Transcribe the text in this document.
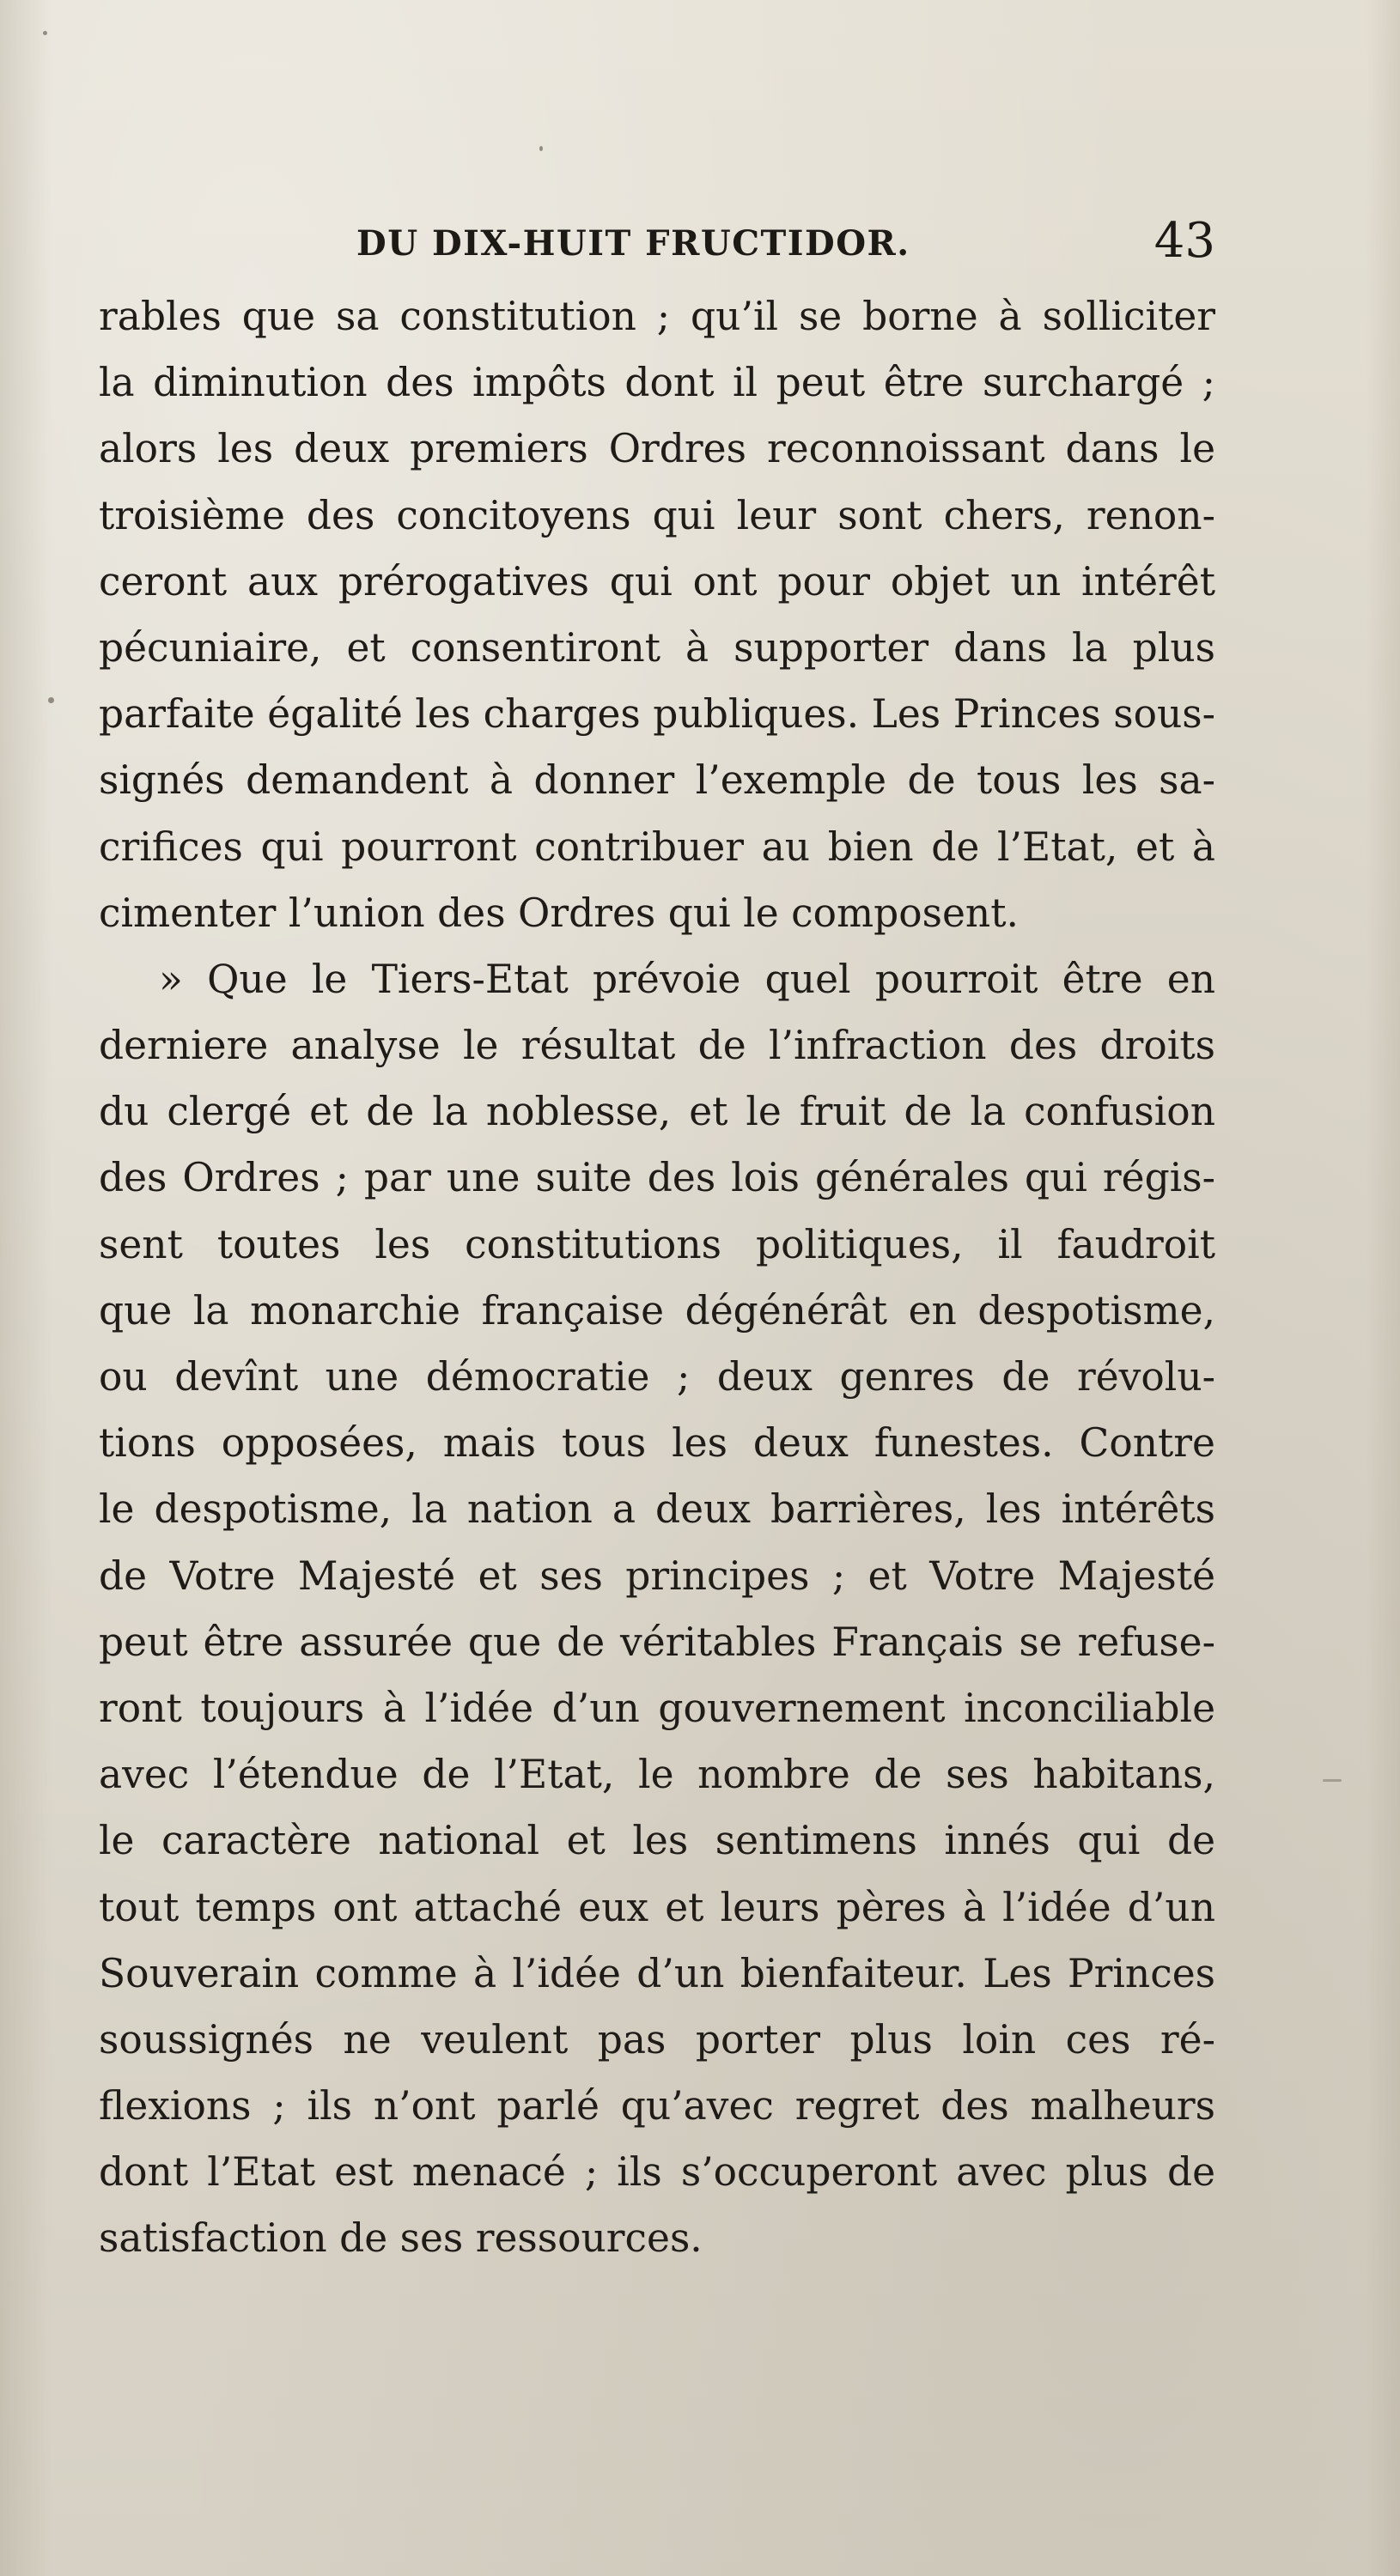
DU DIX-HUIT FRUCTIDOR.	43
rables que sa constitution ; qu’il se borne à solliciter
la diminution des impôts dont il peut être surchargé ;
alors les deux premiers Ordres reconnoissant dans le
troisième des concitoyens qui leur sont chers, renon-
ceront aux prérogatives qui ont pour objet un intérêt
pécuniaire, et consentiront à supporter dans la plus
parfaite égalité les charges publiques. Les Princes sous-
signés demandent à donner l’exemple de tous les sa-
crifices qui pourront contribuer au bien de l’Etat, et à
cimenter l’union des Ordres qui le composent.
» Que le Tiers-Etat prévoie quel pourroit être en
derniere analyse le résultat de l’infraction des droits
du clergé et de la noblesse, et le fruit de la confusion
des Ordres ; par une suite des lois générales qui régis-
sent toutes les constitutions politiques, il faudroit
que la monarchie française dégénérât en despotisme,
ou devînt une démocratie ; deux genres de révolu-
tions opposées, mais tous les deux funestes. Contre
le despotisme, la nation a deux barrières, les intérêts
de Votre Majesté et ses principes ; et Votre Majesté
peut être assurée que de véritables Français se refuse-
ront toujours à l’idée d’un gouvernement inconciliable
avec l’étendue de l’Etat, le nombre de ses habitans,
le caractère national et les sentimens innés qui de
tout temps ont attaché eux et leurs pères à l’idée d’un
Souverain comme à l’idée d’un bienfaiteur. Les Princes
soussignés ne veulent pas porter plus loin ces ré-
flexions ; ils n’ont parlé qu’avec regret des malheurs
dont l’Etat est menacé ; ils s’occuperont avec plus de
satisfaction de ses ressources.
